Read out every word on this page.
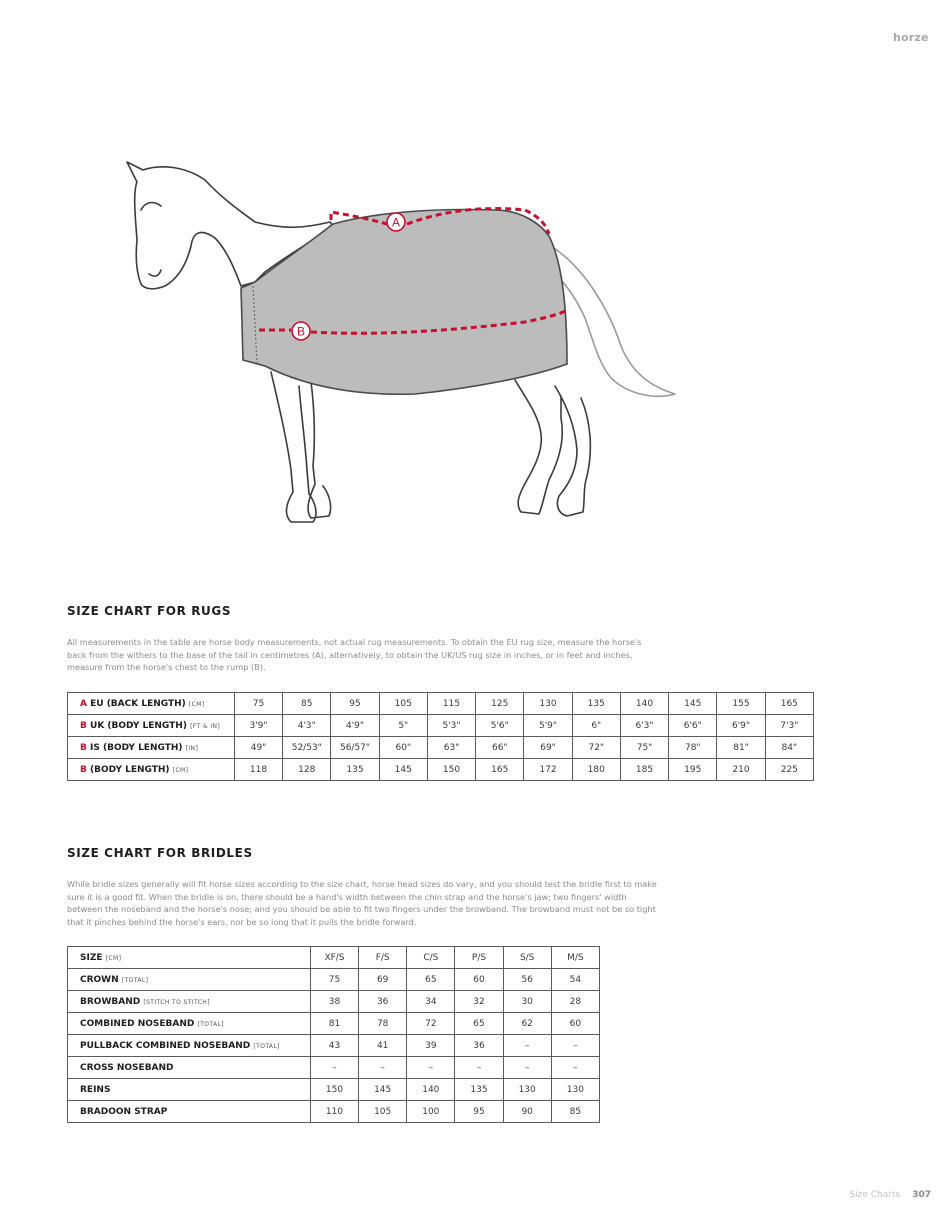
horze
A
B
SIZE CHART FOR RUGS

All measurements in the table are horse body measurements, not actual rug measurements. To obtain the EU rug size, measure the horse's back from the withers to the base of the tail in centimetres (A), alternatively, to obtain the UK/US rug size in inches, or in feet and inches, measure from the horse's chest to the rump (B).

A EU (BACK LENGTH) [CM]	75	85	95	105	115	125	130	135	140	145	155	165
B UK (BODY LENGTH) [FT & IN]	3'9"	4'3"	4'9"	5"	5'3"	5'6"	5'9"	6"	6'3"	6'6"	6'9"	7'3"
B IS (BODY LENGTH) [IN]	49"	52/53"	56/57"	60"	63"	66"	69"	72"	75"	78"	81"	84"
B (BODY LENGTH) [CM]	118	128	135	145	150	165	172	180	185	195	210	225
SIZE CHART FOR BRIDLES

While bridle sizes generally will fit horse sizes according to the size chart, horse head sizes do vary, and you should test the bridle first to make sure it is a good fit. When the bridle is on, there should be a hand's width between the chin strap and the horse's jaw; two fingers' width between the noseband and the horse's nose; and you should be able to fit two fingers under the browband. The browband must not be so tight that it pinches behind the horse's ears, nor be so long that it pulls the bridle forward.

SIZE [CM]	XF/S	F/S	C/S	P/S	S/S	M/S
CROWN [TOTAL]	75	69	65	60	56	54
BROWBAND [STITCH TO STITCH]	38	36	34	32	30	28
COMBINED NOSEBAND [TOTAL]	81	78	72	65	62	60
PULLBACK COMBINED NOSEBAND [TOTAL]	43	41	39	36	–	–
CROSS NOSEBAND	–	–	–	–	–	–
REINS	150	145	140	135	130	130
BRADOON STRAP	110	105	100	95	90	85
Size Charts 307
